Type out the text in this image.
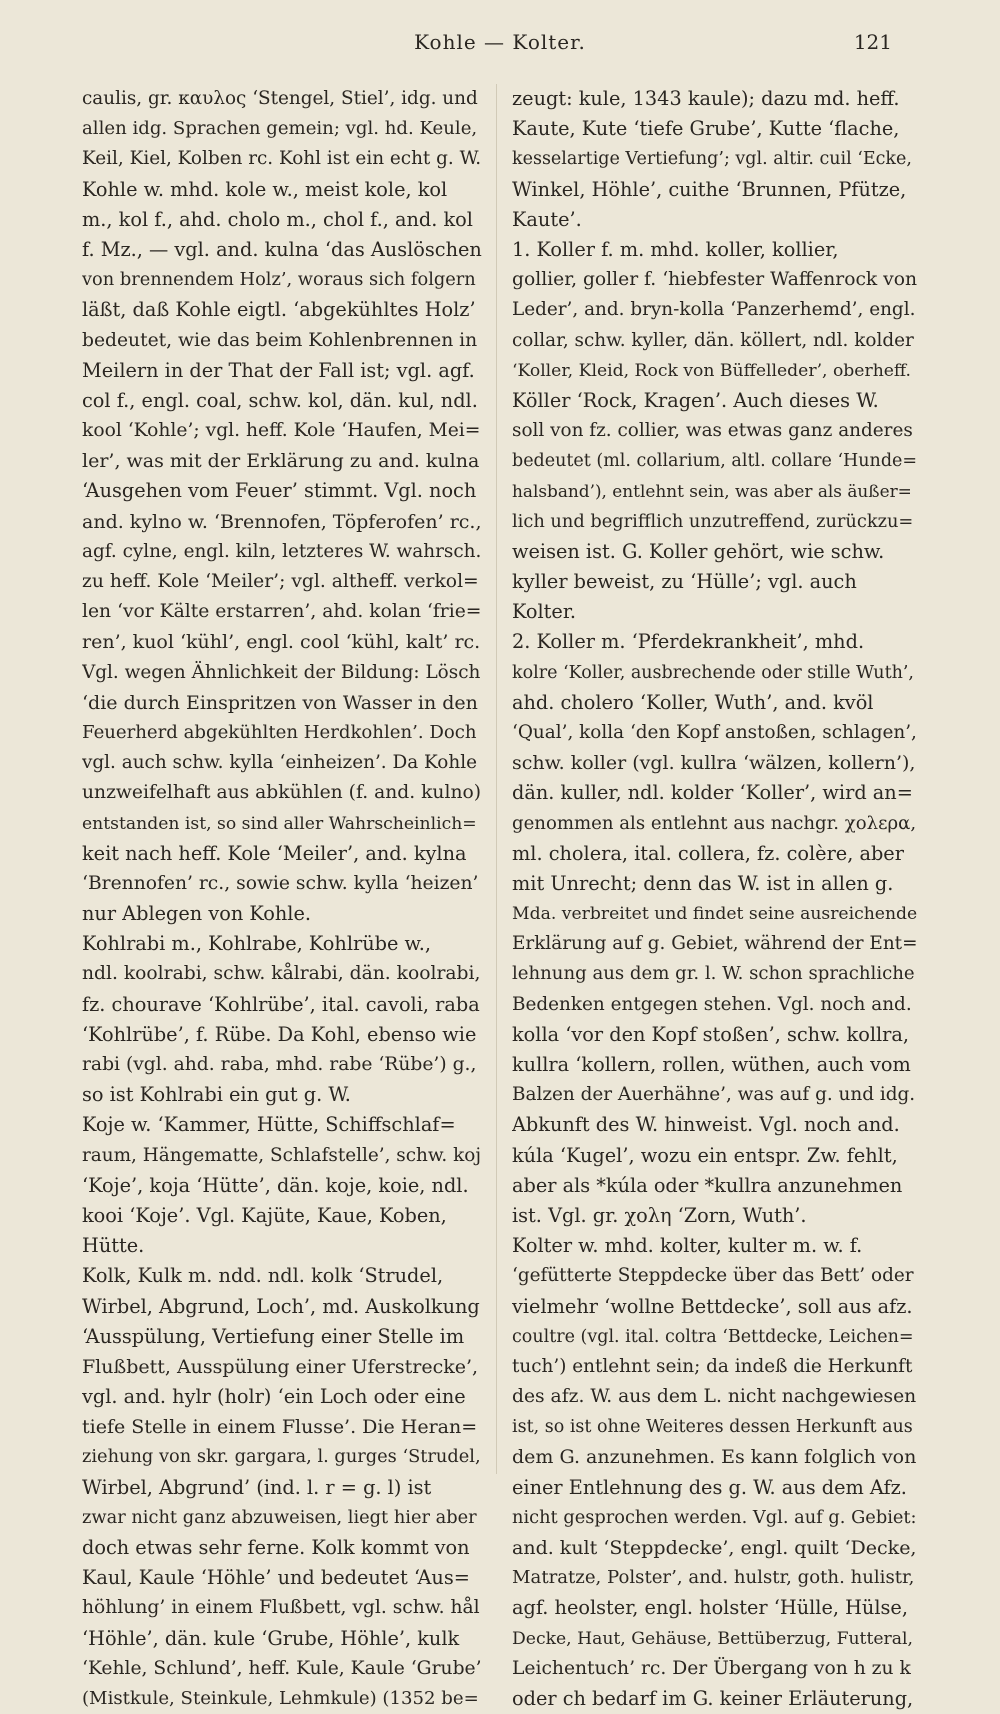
Kohle — Kolter.	121
caulis, gr. καυλος ‘Stengel, Stiel’, idg. und
allen idg. Sprachen gemein; vgl. hd. Keule,
Keil, Kiel, Kolben rc. Kohl ist ein echt g. W.
Kohle w. mhd. kole w., meist kole, kol
m., kol f., ahd. cholo m., chol f., and. kol
f. Mz., — vgl. and. kulna ‘das Auslöschen
von brennendem Holz’, woraus sich folgern
läßt, daß Kohle eigtl. ‘abgekühltes Holz’
bedeutet, wie das beim Kohlenbrennen in
Meilern in der That der Fall ist; vgl. agf.
col f., engl. coal, schw. kol, dän. kul, ndl.
kool ‘Kohle’; vgl. heff. Kole ‘Haufen, Mei=
ler’, was mit der Erklärung zu and. kulna
‘Ausgehen vom Feuer’ stimmt. Vgl. noch
and. kylno w. ‘Brennofen, Töpferofen’ rc.,
agf. cylne, engl. kiln, letzteres W. wahrsch.
zu heff. Kole ‘Meiler’; vgl. altheff. verkol=
len ‘vor Kälte erstarren’, ahd. kolan ‘frie=
ren’, kuol ‘kühl’, engl. cool ‘kühl, kalt’ rc.
Vgl. wegen Ähnlichkeit der Bildung: Lösch
‘die durch Einspritzen von Wasser in den
Feuerherd abgekühlten Herdkohlen’. Doch
vgl. auch schw. kylla ‘einheizen’. Da Kohle
unzweifelhaft aus abkühlen (f. and. kulno)
entstanden ist, so sind aller Wahrscheinlich=
keit nach heff. Kole ‘Meiler’, and. kylna
‘Brennofen’ rc., sowie schw. kylla ‘heizen’
nur Ablegen von Kohle.
Kohlrabi m., Kohlrabe, Kohlrübe w.,
ndl. koolrabi, schw. kålrabi, dän. koolrabi,
fz. chourave ‘Kohlrübe’, ital. cavoli, raba
‘Kohlrübe’, f. Rübe. Da Kohl, ebenso wie
rabi (vgl. ahd. raba, mhd. rabe ‘Rübe’) g.,
so ist Kohlrabi ein gut g. W.
Koje w. ‘Kammer, Hütte, Schiffschlaf=
raum, Hängematte, Schlafstelle’, schw. koj
‘Koje’, koja ‘Hütte’, dän. koje, koie, ndl.
kooi ‘Koje’. Vgl. Kajüte, Kaue, Koben,
Hütte.
Kolk, Kulk m. ndd. ndl. kolk ‘Strudel,
Wirbel, Abgrund, Loch’, md. Auskolkung
‘Ausspülung, Vertiefung einer Stelle im
Flußbett, Ausspülung einer Uferstrecke’,
vgl. and. hylr (holr) ‘ein Loch oder eine
tiefe Stelle in einem Flusse’. Die Heran=
ziehung von skr. gargara, l. gurges ‘Strudel,
Wirbel, Abgrund’ (ind. l. r = g. l) ist
zwar nicht ganz abzuweisen, liegt hier aber
doch etwas sehr ferne. Kolk kommt von
Kaul, Kaule ‘Höhle’ und bedeutet ‘Aus=
höhlung’ in einem Flußbett, vgl. schw. hål
‘Höhle’, dän. kule ‘Grube, Höhle’, kulk
‘Kehle, Schlund’, heff. Kule, Kaule ‘Grube’
(Mistkule, Steinkule, Lehmkule) (1352 be=
zeugt: kule, 1343 kaule); dazu md. heff.
Kaute, Kute ‘tiefe Grube’, Kutte ‘flache,
kesselartige Vertiefung’; vgl. altir. cuil ‘Ecke,
Winkel, Höhle’, cuithe ‘Brunnen, Pfütze,
Kaute’.
1. Koller f. m. mhd. koller, kollier,
gollier, goller f. ‘hiebfester Waffenrock von
Leder’, and. bryn-kolla ‘Panzerhemd’, engl.
collar, schw. kyller, dän. köllert, ndl. kolder
‘Koller, Kleid, Rock von Büffelleder’, oberheff.
Köller ‘Rock, Kragen’. Auch dieses W.
soll von fz. collier, was etwas ganz anderes
bedeutet (ml. collarium, altl. collare ‘Hunde=
halsband’), entlehnt sein, was aber als äußer=
lich und begrifflich unzutreffend, zurückzu=
weisen ist. G. Koller gehört, wie schw.
kyller beweist, zu ‘Hülle’; vgl. auch
Kolter.
2. Koller m. ‘Pferdekrankheit’, mhd.
kolre ‘Koller, ausbrechende oder stille Wuth’,
ahd. cholero ‘Koller, Wuth’, and. kvöl
‘Qual’, kolla ‘den Kopf anstoßen, schlagen’,
schw. koller (vgl. kullra ‘wälzen, kollern’),
dän. kuller, ndl. kolder ‘Koller’, wird an=
genommen als entlehnt aus nachgr. χολερα,
ml. cholera, ital. collera, fz. colère, aber
mit Unrecht; denn das W. ist in allen g.
Mda. verbreitet und findet seine ausreichende
Erklärung auf g. Gebiet, während der Ent=
lehnung aus dem gr. l. W. schon sprachliche
Bedenken entgegen stehen. Vgl. noch and.
kolla ‘vor den Kopf stoßen’, schw. kollra,
kullra ‘kollern, rollen, wüthen, auch vom
Balzen der Auerhähne’, was auf g. und idg.
Abkunft des W. hinweist. Vgl. noch and.
kúla ‘Kugel’, wozu ein entspr. Zw. fehlt,
aber als *kúla oder *kullra anzunehmen
ist. Vgl. gr. χολη ‘Zorn, Wuth’.
Kolter w. mhd. kolter, kulter m. w. f.
‘gefütterte Steppdecke über das Bett’ oder
vielmehr ‘wollne Bettdecke’, soll aus afz.
coultre (vgl. ital. coltra ‘Bettdecke, Leichen=
tuch’) entlehnt sein; da indeß die Herkunft
des afz. W. aus dem L. nicht nachgewiesen
ist, so ist ohne Weiteres dessen Herkunft aus
dem G. anzunehmen. Es kann folglich von
einer Entlehnung des g. W. aus dem Afz.
nicht gesprochen werden. Vgl. auf g. Gebiet:
and. kult ‘Steppdecke’, engl. quilt ‘Decke,
Matratze, Polster’, and. hulstr, goth. hulistr,
agf. heolster, engl. holster ‘Hülle, Hülse,
Decke, Haut, Gehäuse, Bettüberzug, Futteral,
Leichentuch’ rc. Der Übergang von h zu k
oder ch bedarf im G. keiner Erläuterung,
